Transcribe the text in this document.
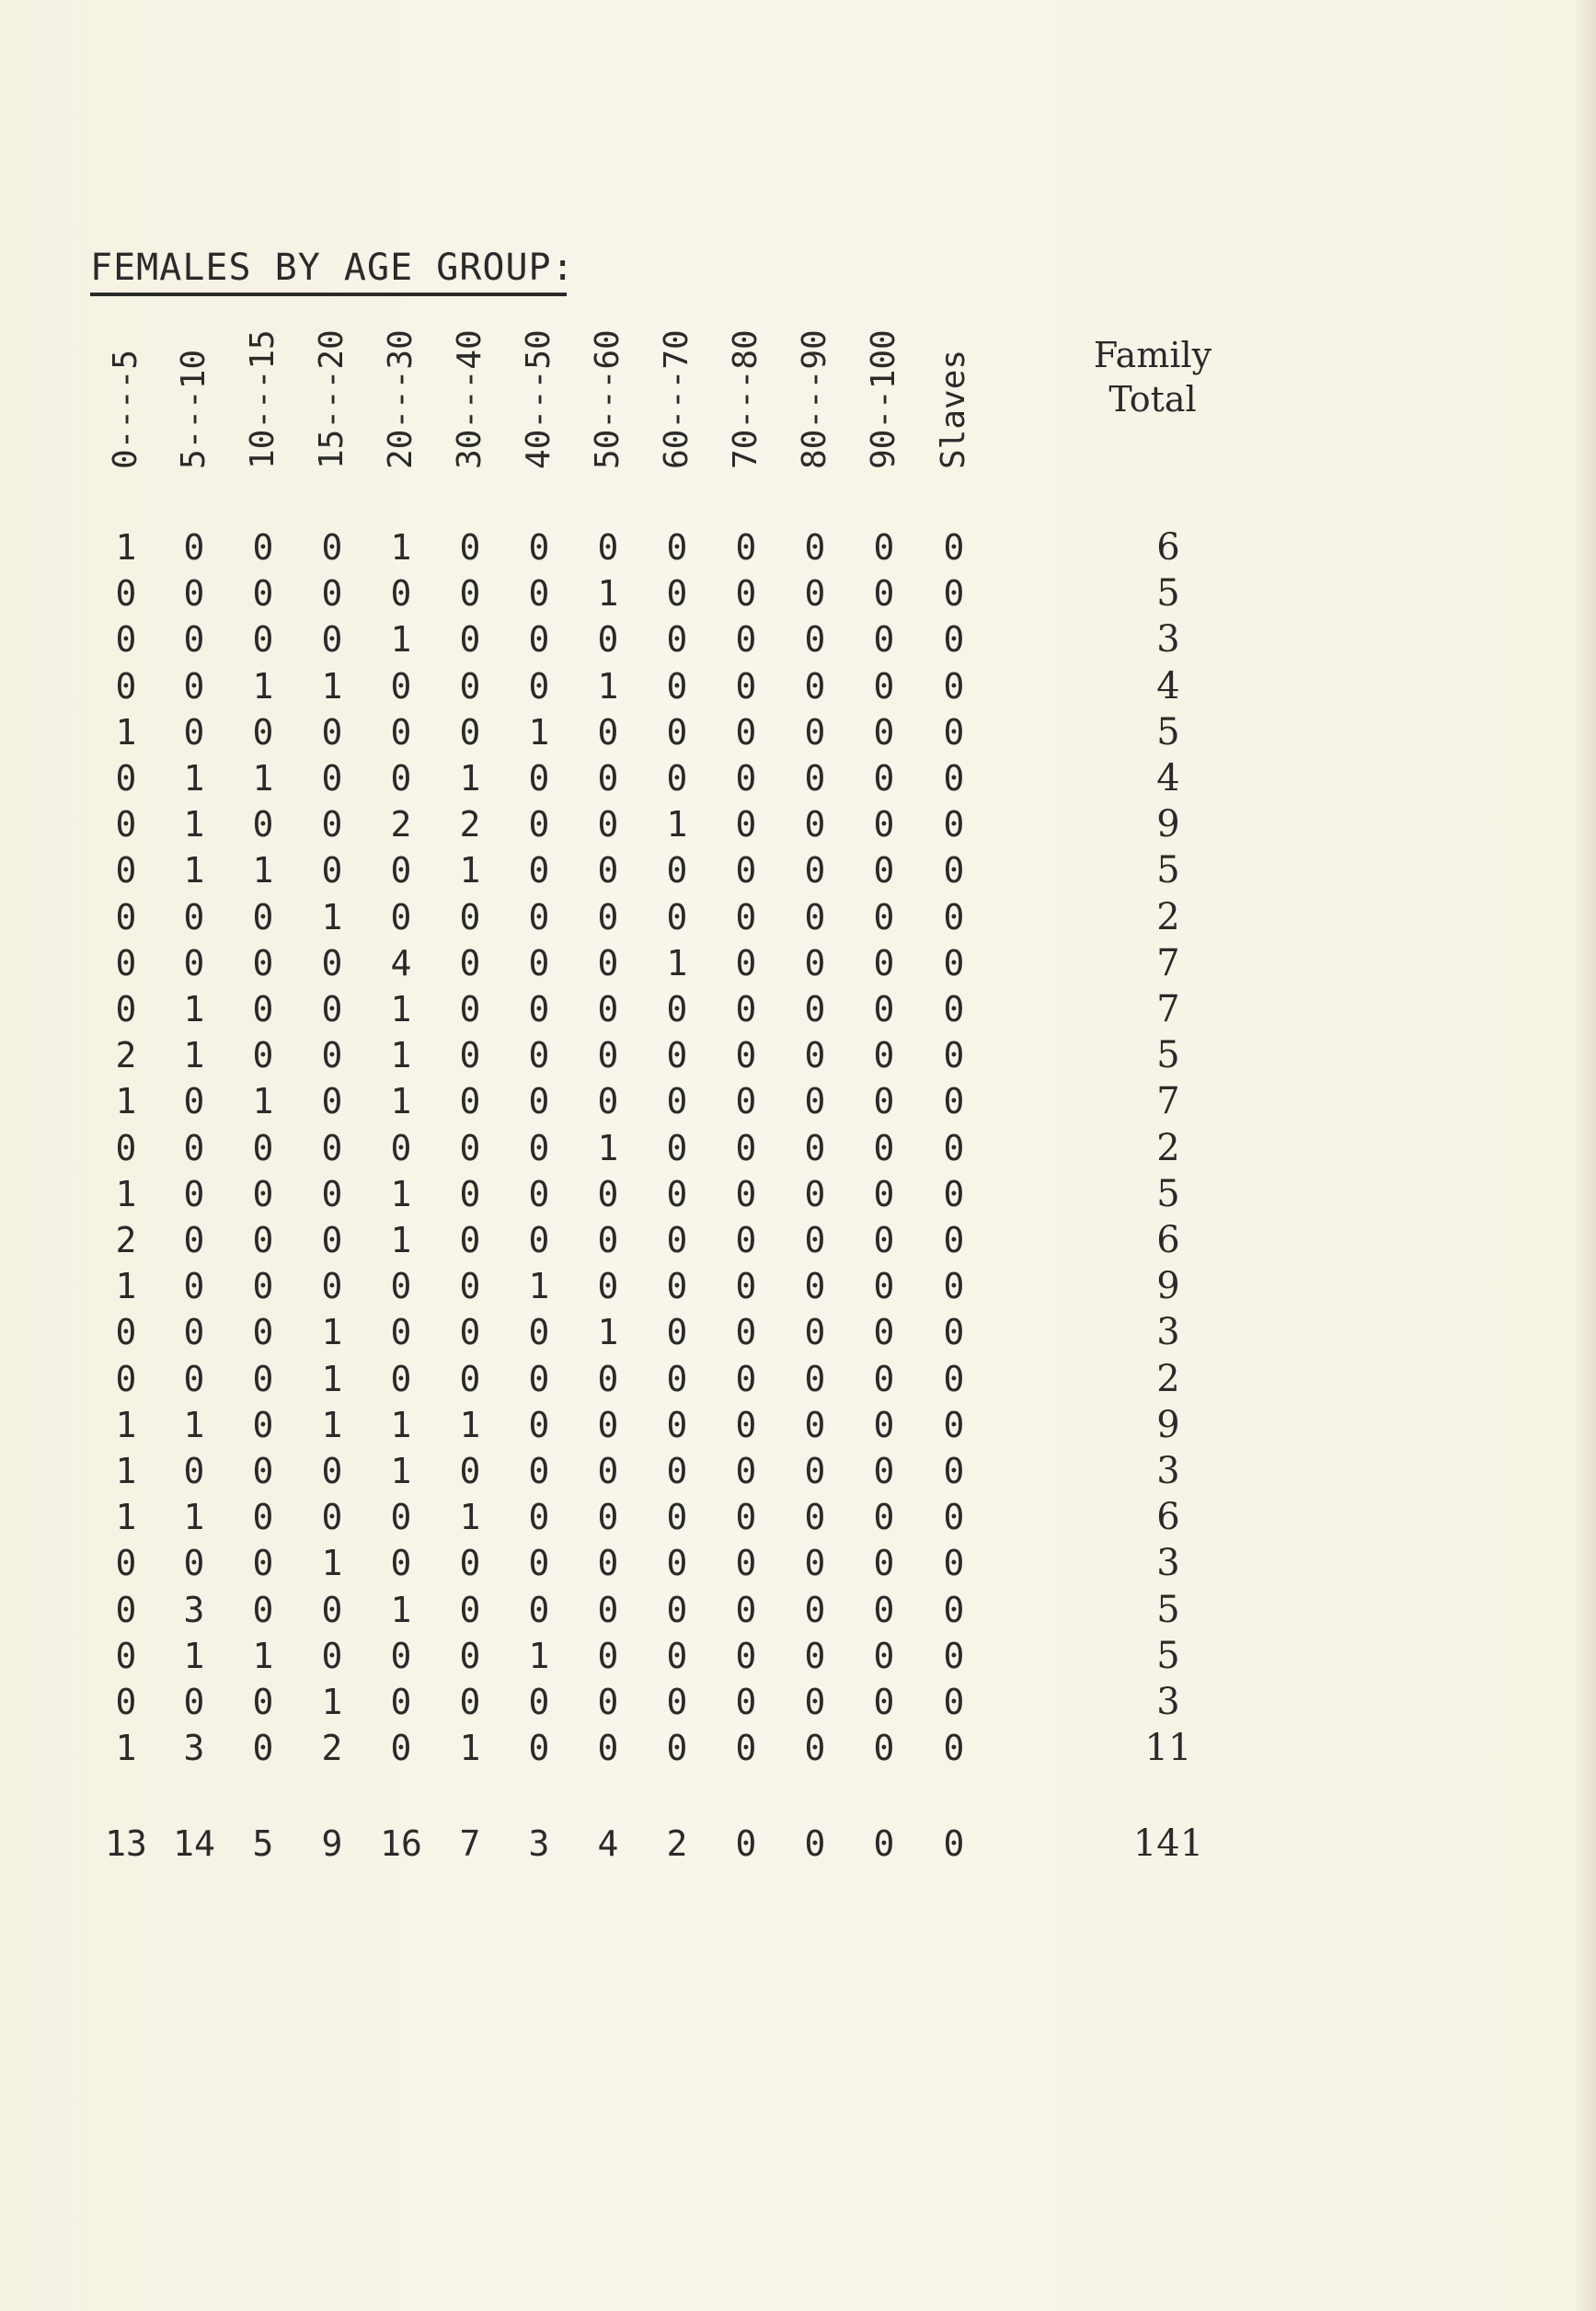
FEMALES BY AGE GROUP:
0----5 5---10 10---15 15---20 20---30 30---40 40---50 50---60 60---70 70---80 80---90 90--100 Slaves	Family
Total
1 0 0 0 1 0 0 0 0 0 0 0 0	6
0 0 0 0 0 0 0 1 0 0 0 0 0	5
0 0 0 0 1 0 0 0 0 0 0 0 0	3
0 0 1 1 0 0 0 1 0 0 0 0 0	4
1 0 0 0 0 0 1 0 0 0 0 0 0	5
0 1 1 0 0 1 0 0 0 0 0 0 0	4
0 1 0 0 2 2 0 0 1 0 0 0 0	9
0 1 1 0 0 1 0 0 0 0 0 0 0	5
0 0 0 1 0 0 0 0 0 0 0 0 0	2
0 0 0 0 4 0 0 0 1 0 0 0 0	7
0 1 0 0 1 0 0 0 0 0 0 0 0	7
2 1 0 0 1 0 0 0 0 0 0 0 0	5
1 0 1 0 1 0 0 0 0 0 0 0 0	7
0 0 0 0 0 0 0 1 0 0 0 0 0	2
1 0 0 0 1 0 0 0 0 0 0 0 0	5
2 0 0 0 1 0 0 0 0 0 0 0 0	6
1 0 0 0 0 0 1 0 0 0 0 0 0	9
0 0 0 1 0 0 0 1 0 0 0 0 0	3
0 0 0 1 0 0 0 0 0 0 0 0 0	2
1 1 0 1 1 1 0 0 0 0 0 0 0	9
1 0 0 0 1 0 0 0 0 0 0 0 0	3
1 1 0 0 0 1 0 0 0 0 0 0 0	6
0 0 0 1 0 0 0 0 0 0 0 0 0	3
0 3 0 0 1 0 0 0 0 0 0 0 0	5
0 1 1 0 0 0 1 0 0 0 0 0 0	5
0 0 0 1 0 0 0 0 0 0 0 0 0	3
1 3 0 2 0 1 0 0 0 0 0 0 0	11
13 14	5	9	16	7	3	4	2	0	0	0	0	141
